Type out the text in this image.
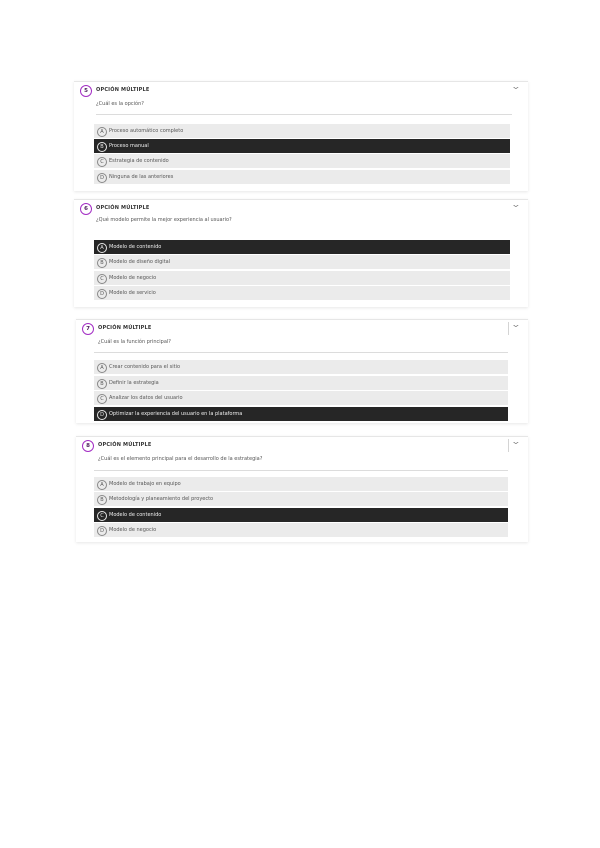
5	OPCIÓN MÚLTIPLE	‹
¿Cuál es la opción?
A	Proceso automático completo
B	Proceso manual
C	Estrategia de contenido
D	Ninguna de las anteriores
6	OPCIÓN MÚLTIPLE	‹
¿Qué modelo permite la mejor experiencia al usuario?
A	Modelo de contenido
B	Modelo de diseño digital
C	Modelo de negocio
D	Modelo de servicio
7	OPCIÓN MÚLTIPLE	‹
¿Cuál es la función principal?
A	Crear contenido para el sitio
B	Definir la estrategia
C	Analizar los datos del usuario
D	Optimizar la experiencia del usuario en la plataforma
8	OPCIÓN MÚLTIPLE	‹
¿Cuál es el elemento principal para el desarrollo de la estrategia?
A	Modelo de trabajo en equipo
B	Metodología y planeamiento del proyecto
C	Modelo de contenido
D	Modelo de negocio
